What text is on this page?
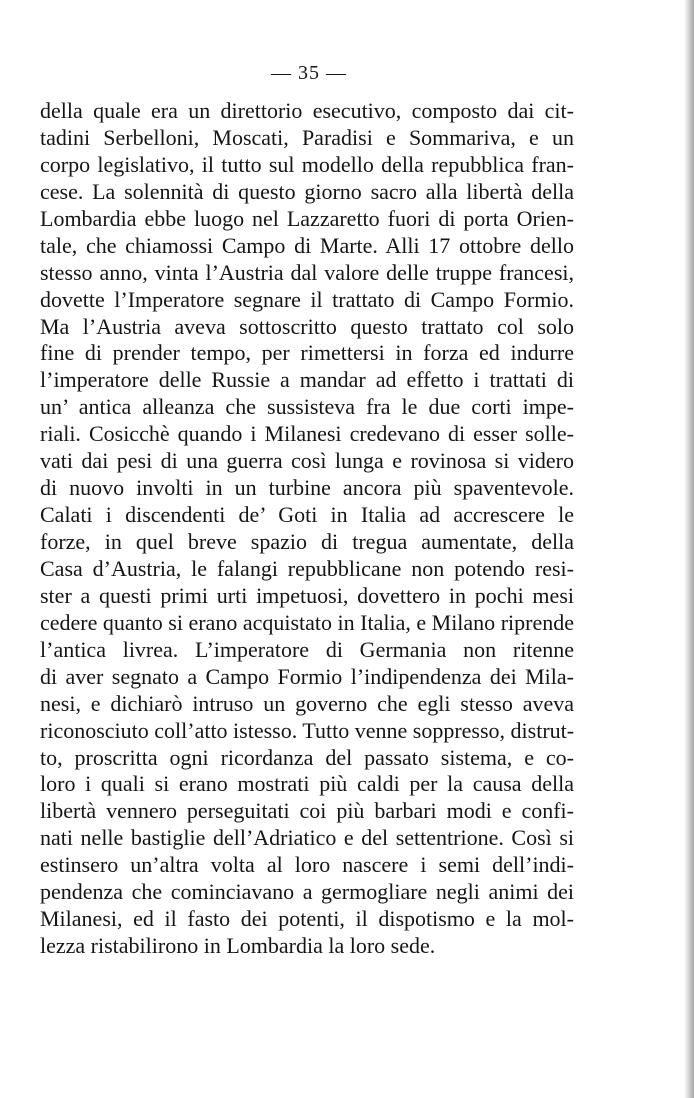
— 35 —
della quale era un direttorio esecutivo, composto dai cit-
tadini Serbelloni, Moscati, Paradisi e Sommariva, e un
corpo legislativo, il tutto sul modello della repubblica fran-
cese. La solennità di questo giorno sacro alla libertà della
Lombardia ebbe luogo nel Lazzaretto fuori di porta Orien-
tale, che chiamossi Campo di Marte. Alli 17 ottobre dello
stesso anno, vinta l’Austria dal valore delle truppe francesi,
dovette l’Imperatore segnare il trattato di Campo Formio.
Ma l’Austria aveva sottoscritto questo trattato col solo
fine di prender tempo, per rimettersi in forza ed indurre
l’imperatore delle Russie a mandar ad effetto i trattati di
un’ antica alleanza che sussisteva fra le due corti impe-
riali. Cosicchè quando i Milanesi credevano di esser solle-
vati dai pesi di una guerra così lunga e rovinosa si videro
di nuovo involti in un turbine ancora più spaventevole.
Calati i discendenti de’ Goti in Italia ad accrescere le
forze, in quel breve spazio di tregua aumentate, della
Casa d’Austria, le falangi repubblicane non potendo resi-
ster a questi primi urti impetuosi, dovettero in pochi mesi
cedere quanto si erano acquistato in Italia, e Milano riprende
l’antica livrea. L’imperatore di Germania non ritenne
di aver segnato a Campo Formio l’indipendenza dei Mila-
nesi, e dichiarò intruso un governo che egli stesso aveva
riconosciuto coll’atto istesso. Tutto venne soppresso, distrut-
to, proscritta ogni ricordanza del passato sistema, e co-
loro i quali si erano mostrati più caldi per la causa della
libertà vennero perseguitati coi più barbari modi e confi-
nati nelle bastiglie dell’Adriatico e del settentrione. Così si
estinsero un’altra volta al loro nascere i semi dell’indi-
pendenza che cominciavano a germogliare negli animi dei
Milanesi, ed il fasto dei potenti, il dispotismo e la mol-
lezza ristabilirono in Lombardia la loro sede.
